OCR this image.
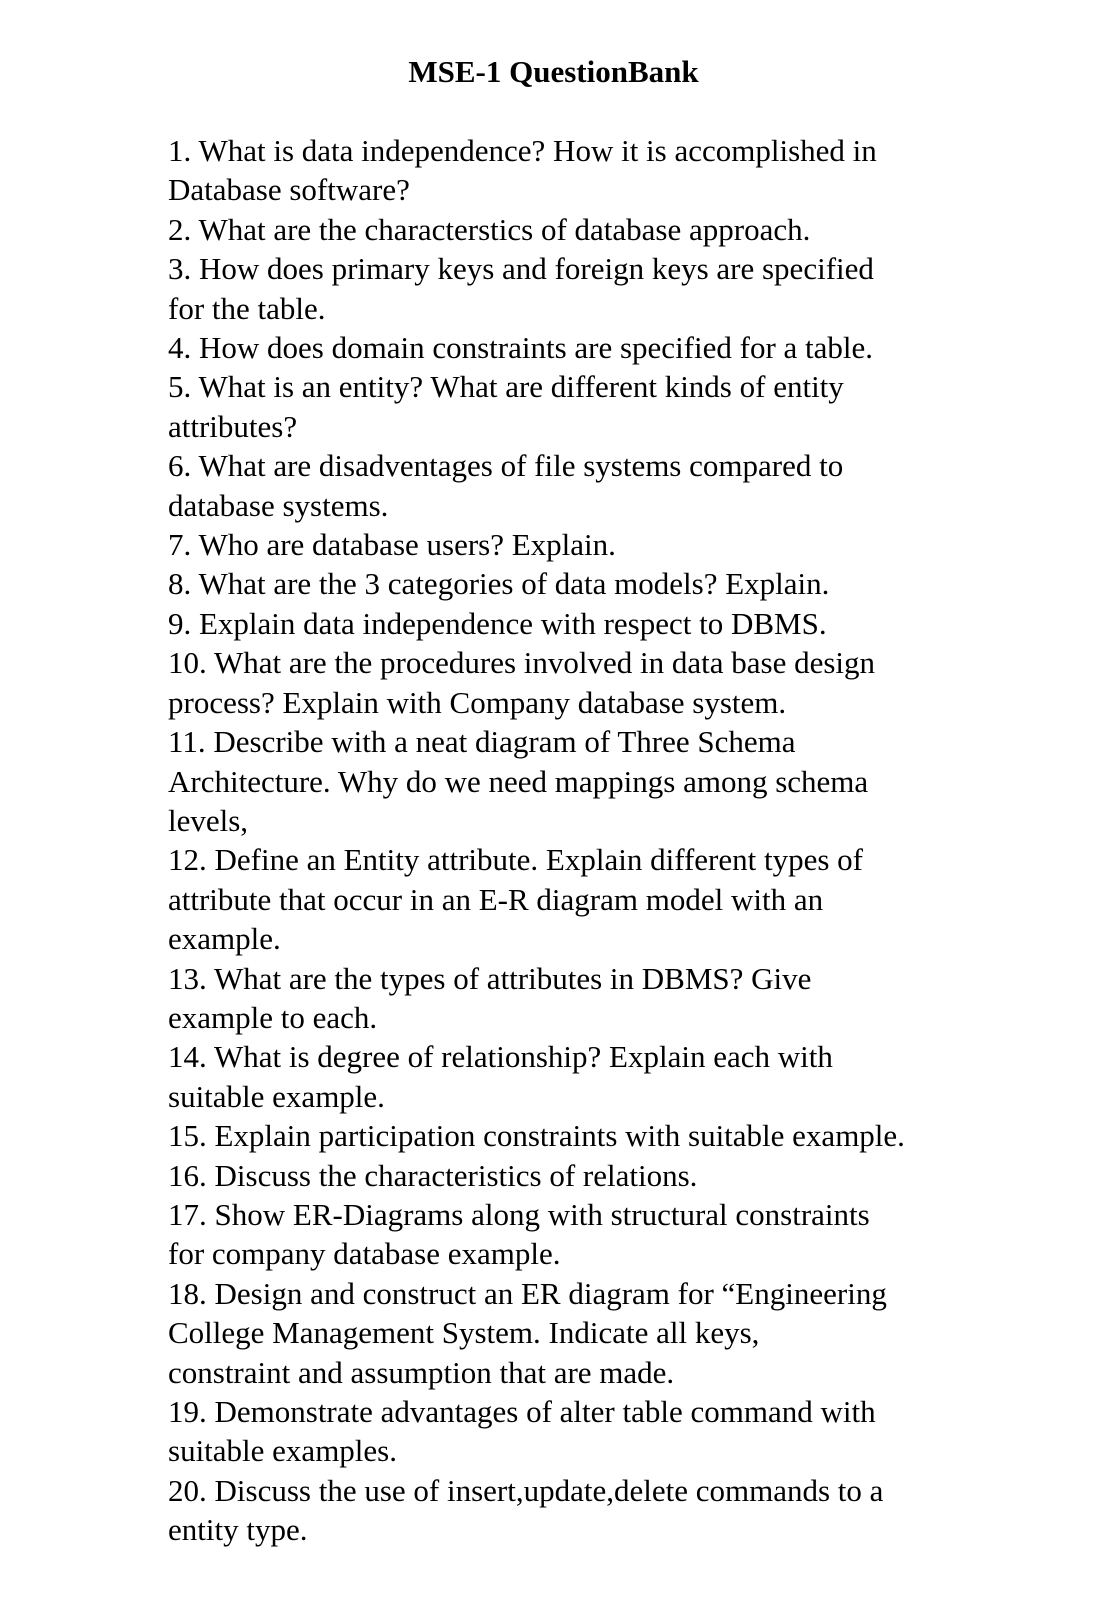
MSE-1 QuestionBank
1. What is data independence? How it is accomplished in
Database software?
2. What are the characterstics of database approach.
3. How does primary keys and foreign keys are specified
for the table.
4. How does domain constraints are specified for a table.
5. What is an entity? What are different kinds of entity
attributes?
6. What are disadventages of file systems compared to
database systems.
7. Who are database users? Explain.
8. What are the 3 categories of data models? Explain.
9. Explain data independence with respect to DBMS.
10. What are the procedures involved in data base design
process? Explain with Company database system.
11. Describe with a neat diagram of Three Schema
Architecture. Why do we need mappings among schema
levels,
12. Define an Entity attribute. Explain different types of
attribute that occur in an E-R diagram model with an
example.
13. What are the types of attributes in DBMS? Give
example to each.
14. What is degree of relationship? Explain each with
suitable example.
15. Explain participation constraints with suitable example.
16. Discuss the characteristics of relations.
17. Show ER-Diagrams along with structural constraints
for company database example.
18. Design and construct an ER diagram for “Engineering
College Management System. Indicate all keys,
constraint and assumption that are made.
19. Demonstrate advantages of alter table command with
suitable examples.
20. Discuss the use of insert,update,delete commands to a
entity type.
